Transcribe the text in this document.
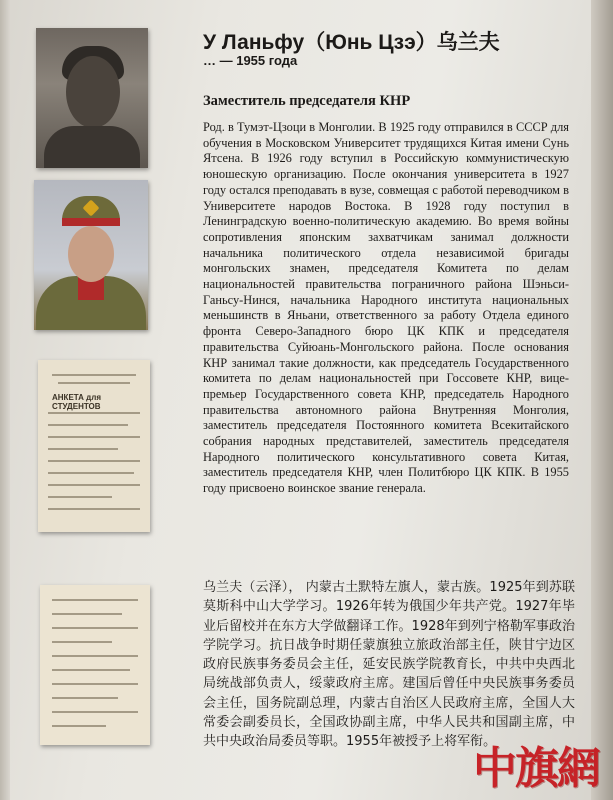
АНКЕТА для СТУДЕНТОВ
У Ланьфу（Юнь Цзэ）乌兰夫
… — 1955 года
Заместитель председателя КНР
Род. в Тумэт-Цзоци в Монголии. В 1925 году отправился в СССР для обучения в Московском Университет трудящихся Китая имени Сунь Ятсена. В 1926 году вступил в Российскую коммунистическую юношескую организацию. После окончания университета в 1927 году остался преподавать в вузе, совмещая с работой переводчиком в Университете народов Востока. В 1928 году поступил в Ленинградскую военно-политическую академию. Во время войны сопротивления японским захватчикам занимал должности начальника политического отдела независимой бригады монгольских знамен, председателя Комитета по делам национальностей правительства пограничного района Шэньси-Ганьсу-Нинся, начальника Народного института национальных меньшинств в Яньани, ответственного за работу Отдела единого фронта Северо-Западного бюро ЦК КПК и председателя правительства Суйюань-Монгольского района. После основания КНР занимал такие должности, как председатель Государственного комитета по делам национальностей при Госсовете КНР, вице-премьер Государственного совета КНР, председатель Народного правительства автономного района Внутренняя Монголия, заместитель председателя Постоянного комитета Всекитайского собрания народных представителей, заместитель председателя Народного политического консультативного совета Китая, заместитель председателя КНР, член Политбюро ЦК КПК. В 1955 году присвоено воинское звание генерала.
乌兰夫（云泽）， 内蒙古土默特左旗人，蒙古族。1925年到苏联莫斯科中山大学学习。1926年转为俄国少年共产党。1927年毕业后留校并在东方大学做翻译工作。1928年到列宁格勒军事政治学院学习。抗日战争时期任蒙旗独立旅政治部主任，陕甘宁边区政府民族事务委员会主任，延安民族学院教育长，中共中央西北局统战部负责人，绥蒙政府主席。建国后曾任中央民族事务委员会主任，国务院副总理，内蒙古自治区人民政府主席，全国人大常委会副委员长，全国政协副主席，中华人民共和国副主席，中共中央政治局委员等职。1955年被授予上将军衔。
中旗網
